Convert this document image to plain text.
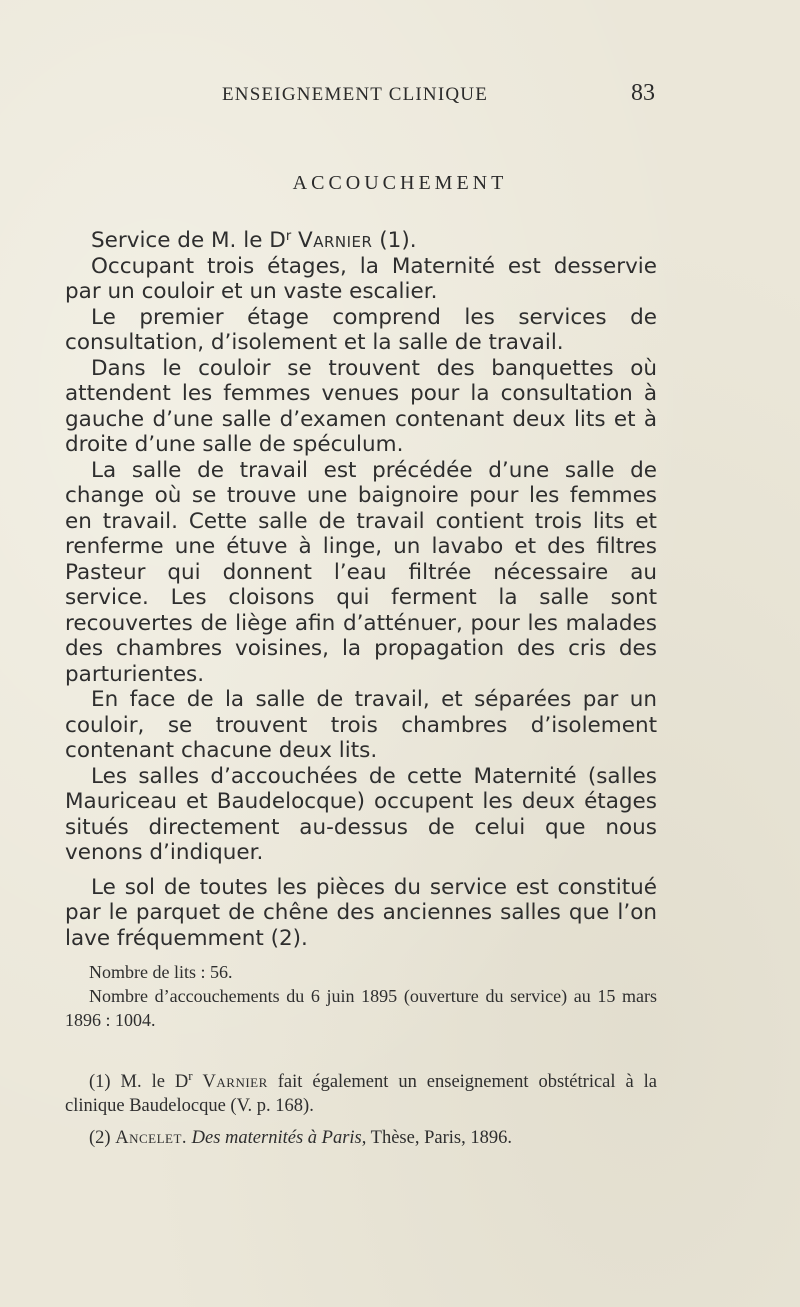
ENSEIGNEMENT CLINIQUE	83
ACCOUCHEMENT

Service de M. le $D^r$ Varnier (1).

Occupant trois étages, la Maternité est desservie par un couloir et un vaste escalier.

Le premier étage comprend les services de consultation, d’isolement et la salle de travail.

Dans le couloir se trouvent des banquettes où attendent les femmes venues pour la consultation à gauche d’une salle d’examen contenant deux lits et à droite d’une salle de spéculum.

La salle de travail est précédée d’une salle de change où se trouve une baignoire pour les femmes en travail. Cette salle de travail contient trois lits et renferme une étuve à linge, un lavabo et des filtres Pasteur qui donnent l’eau filtrée nécessaire au service. Les cloisons qui ferment la salle sont recouvertes de liège afin d’atténuer, pour les malades des chambres voisines, la propagation des cris des parturientes.

En face de la salle de travail, et séparées par un couloir, se trouvent trois chambres d’isolement contenant chacune deux lits.

Les salles d’accouchées de cette Maternité (salles Mauriceau et Baudelocque) occupent les deux étages situés directement au-dessus de celui que nous venons d’indiquer.

Le sol de toutes les pièces du service est constitué par le parquet de chêne des anciennes salles que l’on lave fréquemment (2).

Nombre de lits : 56.

Nombre d’accouchements du 6 juin 1895 (ouverture du service) au 15 mars 1896 : 1004.

(1) M. le $D^r$ Varnier fait également un enseignement obstétrical à la clinique Baudelocque (V. p. 168).

(2) Ancelet. Des maternités à Paris, Thèse, Paris, 1896.
